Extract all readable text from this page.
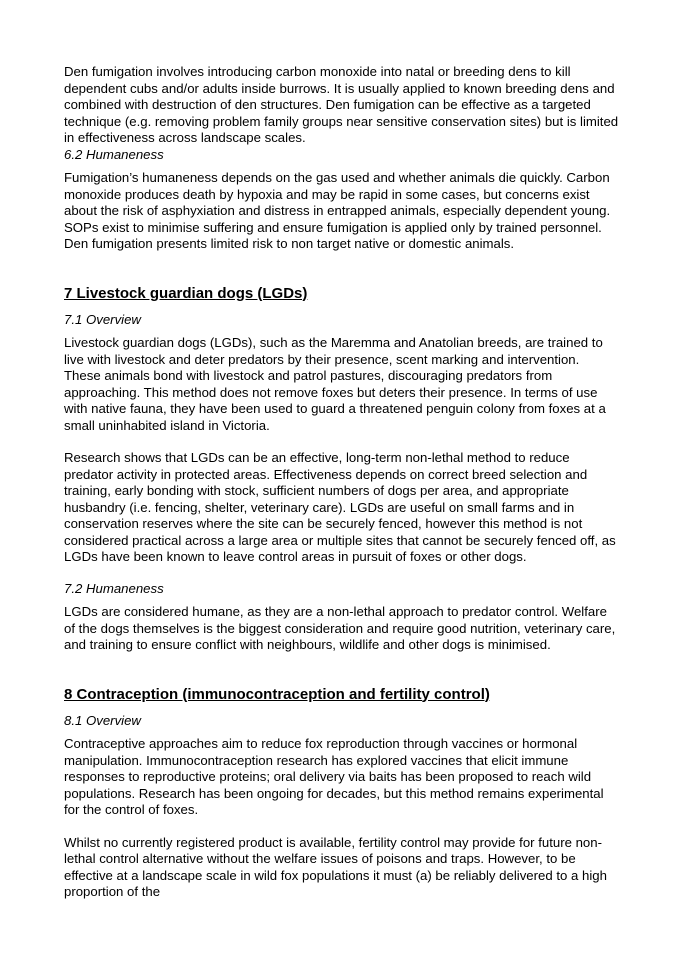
Den fumigation involves introducing carbon monoxide into natal or breeding dens to kill dependent cubs and/or adults inside burrows. It is usually applied to known breeding dens and combined with destruction of den structures. Den fumigation can be effective as a targeted technique (e.g. removing problem family groups near sensitive conservation sites) but is limited in effectiveness across landscape scales.

6.2 Humaneness

Fumigation’s humaneness depends on the gas used and whether animals die quickly. Carbon monoxide produces death by hypoxia and may be rapid in some cases, but concerns exist about the risk of asphyxiation and distress in entrapped animals, especially dependent young. SOPs exist to minimise suffering and ensure fumigation is applied only by trained personnel. Den fumigation presents limited risk to non target native or domestic animals.

7 Livestock guardian dogs (LGDs)

7.1 Overview

Livestock guardian dogs (LGDs), such as the Maremma and Anatolian breeds, are trained to live with livestock and deter predators by their presence, scent marking and intervention. These animals bond with livestock and patrol pastures, discouraging predators from approaching. This method does not remove foxes but deters their presence. In terms of use with native fauna, they have been used to guard a threatened penguin colony from foxes at a small uninhabited island in Victoria.

Research shows that LGDs can be an effective, long-term non-lethal method to reduce predator activity in protected areas. Effectiveness depends on correct breed selection and training, early bonding with stock, sufficient numbers of dogs per area, and appropriate husbandry (i.e. fencing, shelter, veterinary care). LGDs are useful on small farms and in conservation reserves where the site can be securely fenced, however this method is not considered practical across a large area or multiple sites that cannot be securely fenced off, as LGDs have been known to leave control areas in pursuit of foxes or other dogs.

7.2 Humaneness

LGDs are considered humane, as they are a non-lethal approach to predator control. Welfare of the dogs themselves is the biggest consideration and require good nutrition, veterinary care, and training to ensure conflict with neighbours, wildlife and other dogs is minimised.

8 Contraception (immunocontraception and fertility control)

8.1 Overview

Contraceptive approaches aim to reduce fox reproduction through vaccines or hormonal manipulation. Immunocontraception research has explored vaccines that elicit immune responses to reproductive proteins; oral delivery via baits has been proposed to reach wild populations. Research has been ongoing for decades, but this method remains experimental for the control of foxes.

Whilst no currently registered product is available, fertility control may provide for future non-lethal control alternative without the welfare issues of poisons and traps. However, to be effective at a landscape scale in wild fox populations it must (a) be reliably delivered to a high proportion of the
